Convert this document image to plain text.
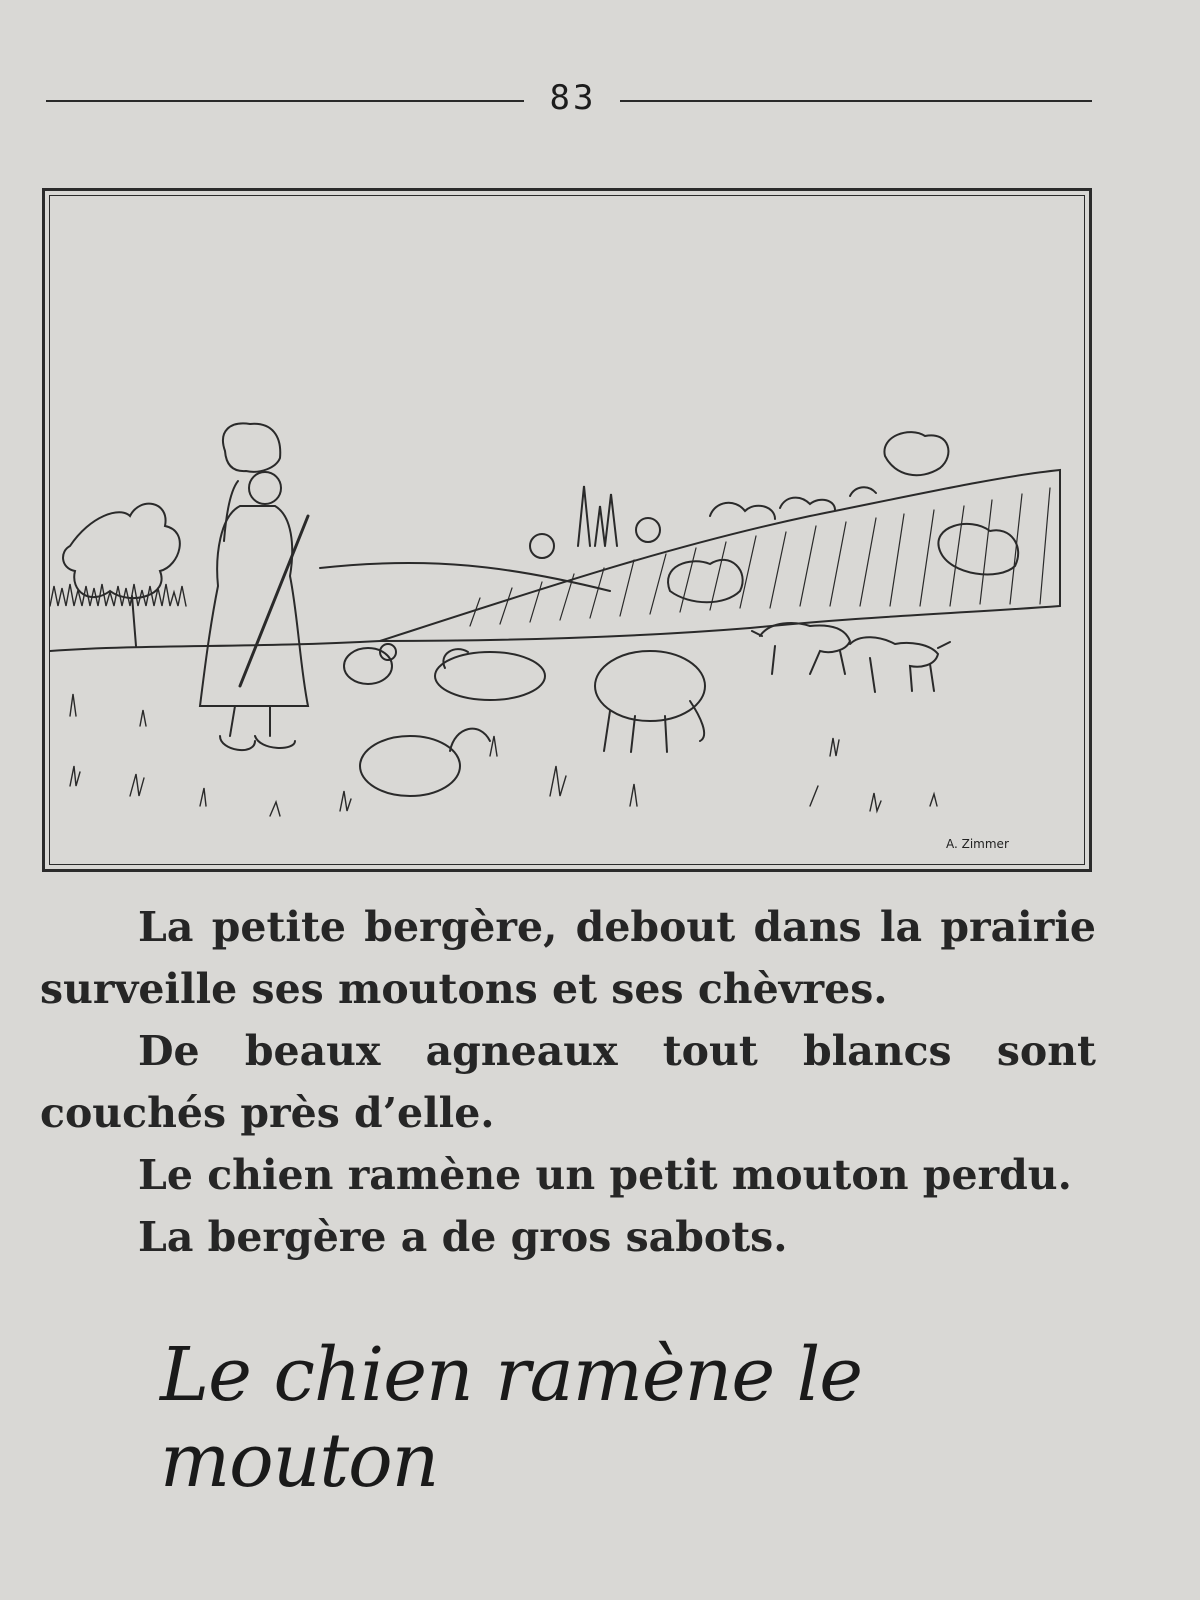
83
A. Zimmer

La petite bergère, debout dans la prairie surveille ses moutons et ses chèvres.

De beaux agneaux tout blancs sont couchés près d’elle.

Le chien ramène un petit mouton perdu.

La bergère a de gros sabots.

Le chien ramène le mouton
